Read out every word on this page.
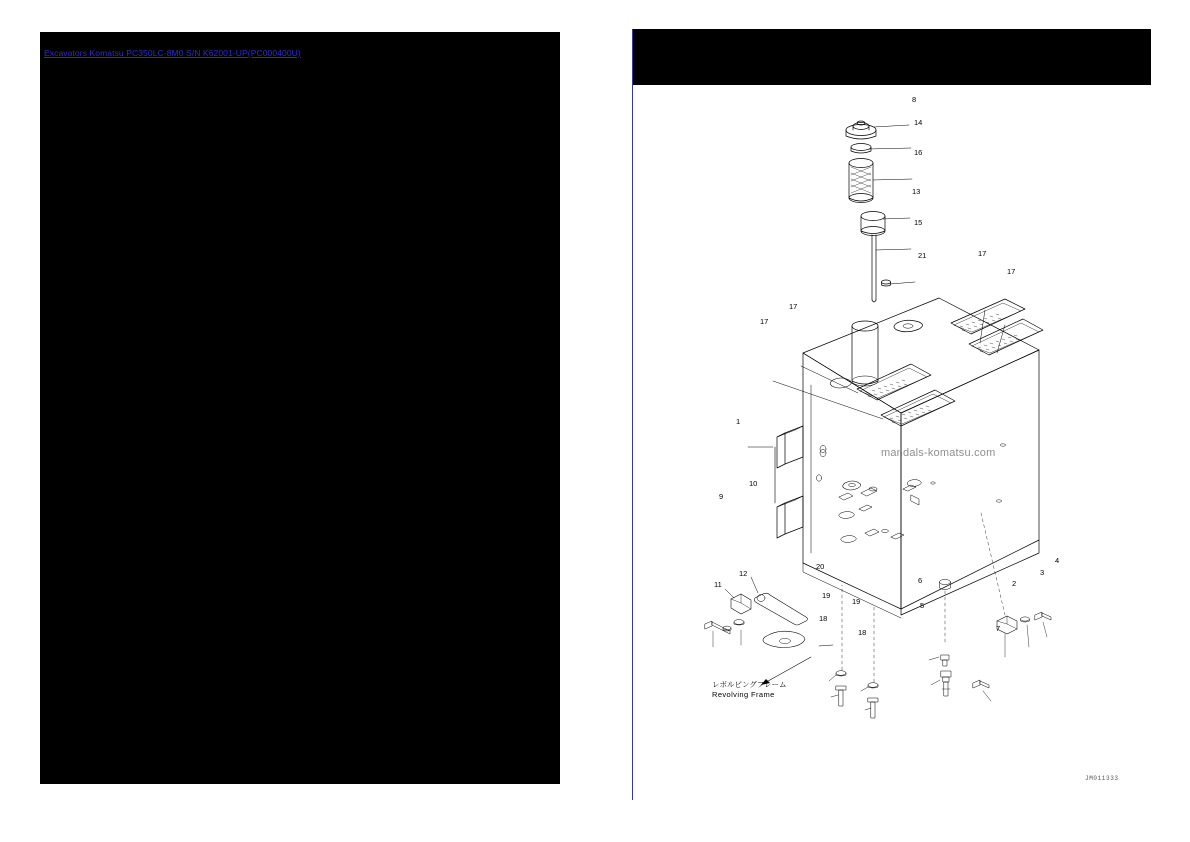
Excavators Komatsu PC350LC-8M0 S/N K62001-UP(PC000400U)
レボルビングフレーム
Revolving Frame
mandals-komatsu.com
JM011333
8
14
16
13
15
21	17
17
17
17
1
10
9
11
12
20
19
18
19
18
6
5
7
2
3
4
